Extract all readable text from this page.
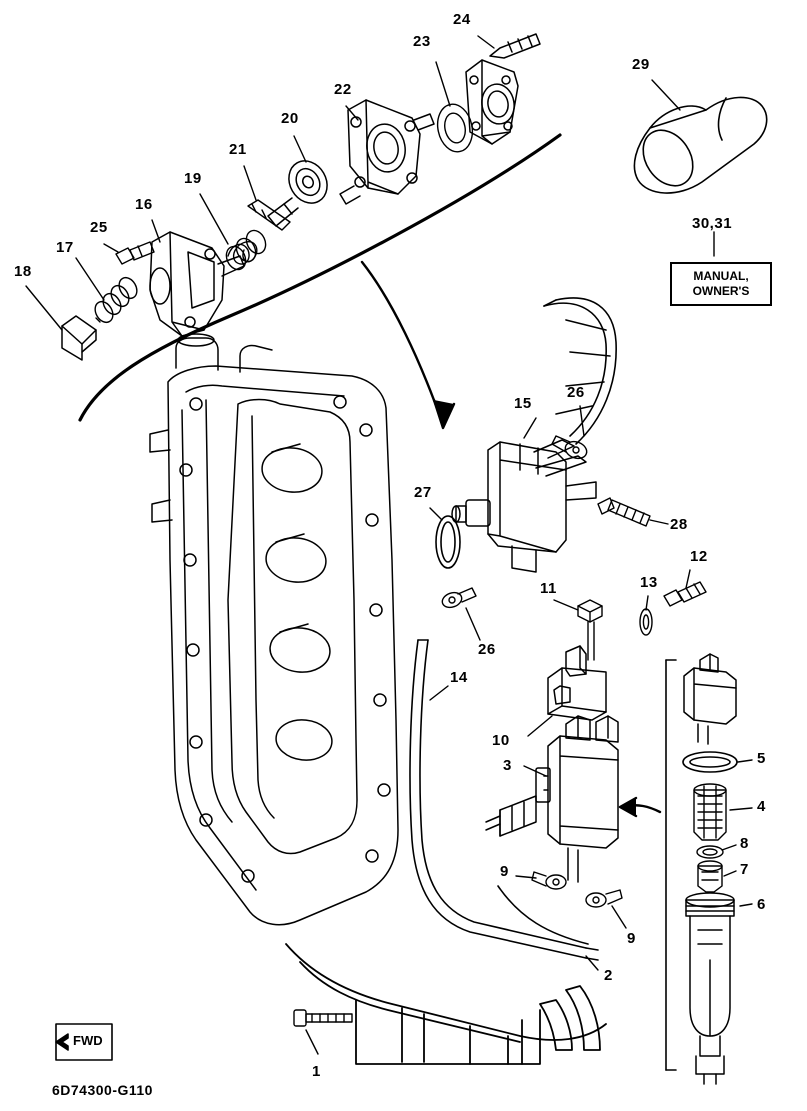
1
2
3
4
5
6
7
8
9
9
10
11
12
13
14
15
16
17
18
19
20
21
22
23
24
25
26
26
27
28
29
30,31
MANUAL,
OWNER'S
FWD
6D74300-G110
